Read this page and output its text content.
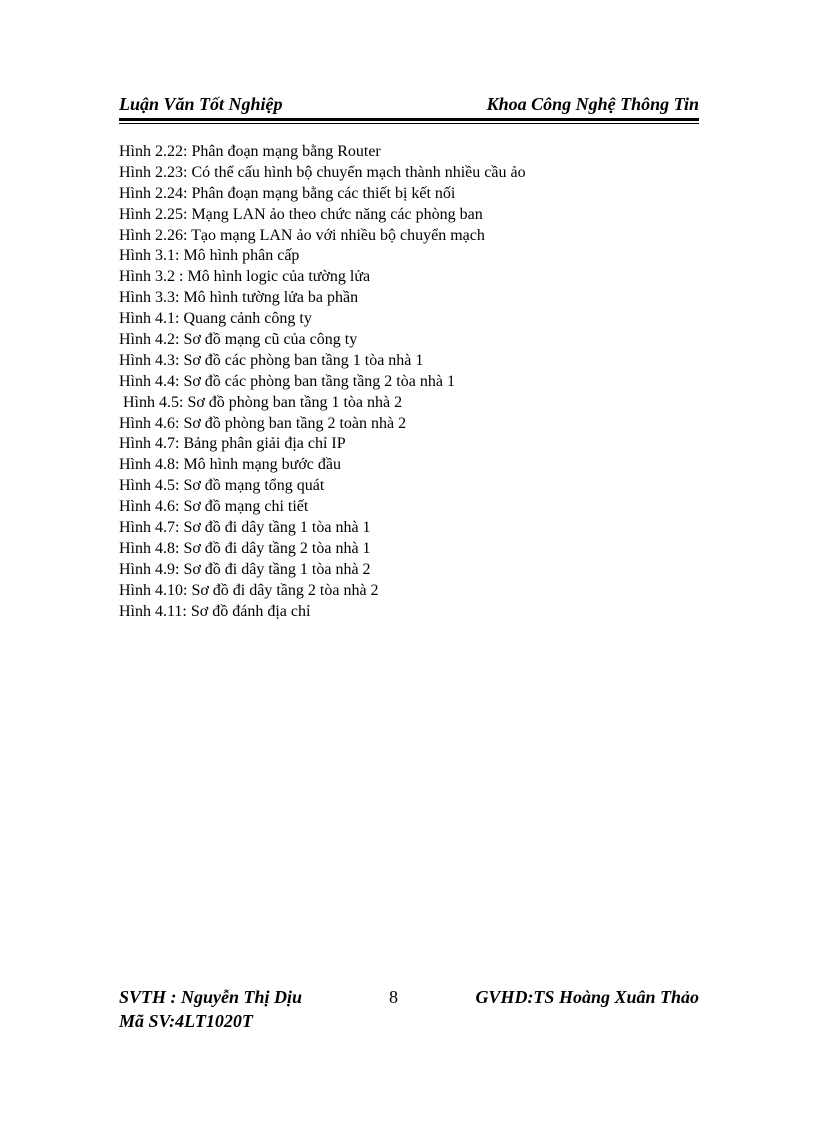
Luận Văn Tốt Nghiệp	Khoa Công Nghệ Thông Tin
Hình 2.22: Phân đoạn mạng bằng Router
Hình 2.23: Có thể cấu hình bộ chuyển mạch thành nhiều cầu ảo
Hình 2.24: Phân đoạn mạng bằng các thiết bị kết nối
Hình 2.25: Mạng LAN ảo theo chức năng các phòng ban
Hình 2.26: Tạo mạng LAN ảo với nhiều bộ chuyển mạch
Hình 3.1: Mô hình phân cấp
Hình 3.2 : Mô hình logic của tường lửa
Hình 3.3: Mô hình tường lửa ba phần
Hình 4.1: Quang cảnh công ty
Hình 4.2: Sơ đồ mạng cũ của công ty
Hình 4.3: Sơ đồ các phòng ban tầng 1 tòa nhà 1
Hình 4.4: Sơ đồ các phòng ban tầng tầng 2 tòa nhà 1
Hình 4.5: Sơ đồ phòng ban tầng 1 tòa nhà 2
Hình 4.6: Sơ đồ phòng ban tầng 2 toàn nhà 2
Hình 4.7: Bảng phân giải địa chỉ IP
Hình 4.8: Mô hình mạng bước đầu
Hình 4.5: Sơ đồ mạng tổng quát
Hình 4.6: Sơ đồ mạng chi tiết
Hình 4.7: Sơ đồ đi dây tầng 1 tòa nhà 1
Hình 4.8: Sơ đồ đi dây tầng 2 tòa nhà 1
Hình 4.9: Sơ đồ đi dây tầng 1 tòa nhà 2
Hình 4.10: Sơ đồ đi dây tầng 2 tòa nhà 2
Hình 4.11: Sơ đồ đánh địa chỉ
SVTH : Nguyễn Thị Dịu	8	GVHD:TS Hoàng Xuân Thảo
Mã SV:4LT1020T
